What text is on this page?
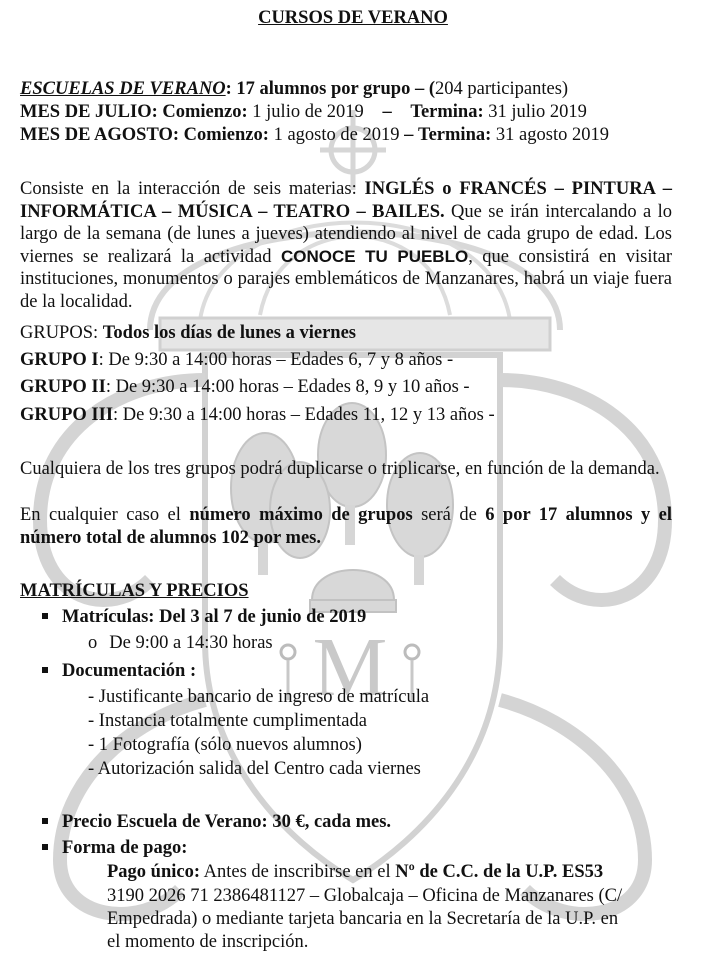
M
CURSOS DE VERANO
ESCUELAS DE VERANO: 17 alumnos por grupo – (204 participantes)
MES DE JULIO: Comienzo: 1 julio de 2019 – Termina: 31 julio 2019
MES DE AGOSTO: Comienzo: 1 agosto de 2019 – Termina: 31 agosto 2019
Consiste en la interacción de seis materias: INGLÉS o FRANCÉS – PINTURA – INFORMÁTICA – MÚSICA – TEATRO – BAILES. Que se irán intercalando a lo largo de la semana (de lunes a jueves) atendiendo al nivel de cada grupo de edad. Los viernes se realizará la actividad CONOCE TU PUEBLO, que consistirá en visitar instituciones, monumentos o parajes emblemáticos de Manzanares, habrá un viaje fuera de la localidad.
GRUPOS: Todos los días de lunes a viernes
GRUPO I: De 9:30 a 14:00 horas – Edades 6, 7 y 8 años -
GRUPO II: De 9:30 a 14:00 horas – Edades 8, 9 y 10 años -
GRUPO III: De 9:30 a 14:00 horas – Edades 11, 12 y 13 años -
Cualquiera de los tres grupos podrá duplicarse o triplicarse, en función de la demanda.
En cualquier caso el número máximo de grupos será de 6 por 17 alumnos y el número total de alumnos 102 por mes.
MATRÍCULAS Y PRECIOS
Matrículas: Del 3 al 7 de junio de 2019
o De 9:00 a 14:30 horas
Documentación :
- Justificante bancario de ingreso de matrícula
- Instancia totalmente cumplimentada
- 1 Fotografía (sólo nuevos alumnos)
- Autorización salida del Centro cada viernes
Precio Escuela de Verano: 30 €, cada mes.
Forma de pago:
Pago único: Antes de inscribirse en el Nº de C.C. de la U.P. ES53
3190 2026 71 2386481127 – Globalcaja – Oficina de Manzanares (C/
Empedrada) o mediante tarjeta bancaria en la Secretaría de la U.P. en
el momento de inscripción.
